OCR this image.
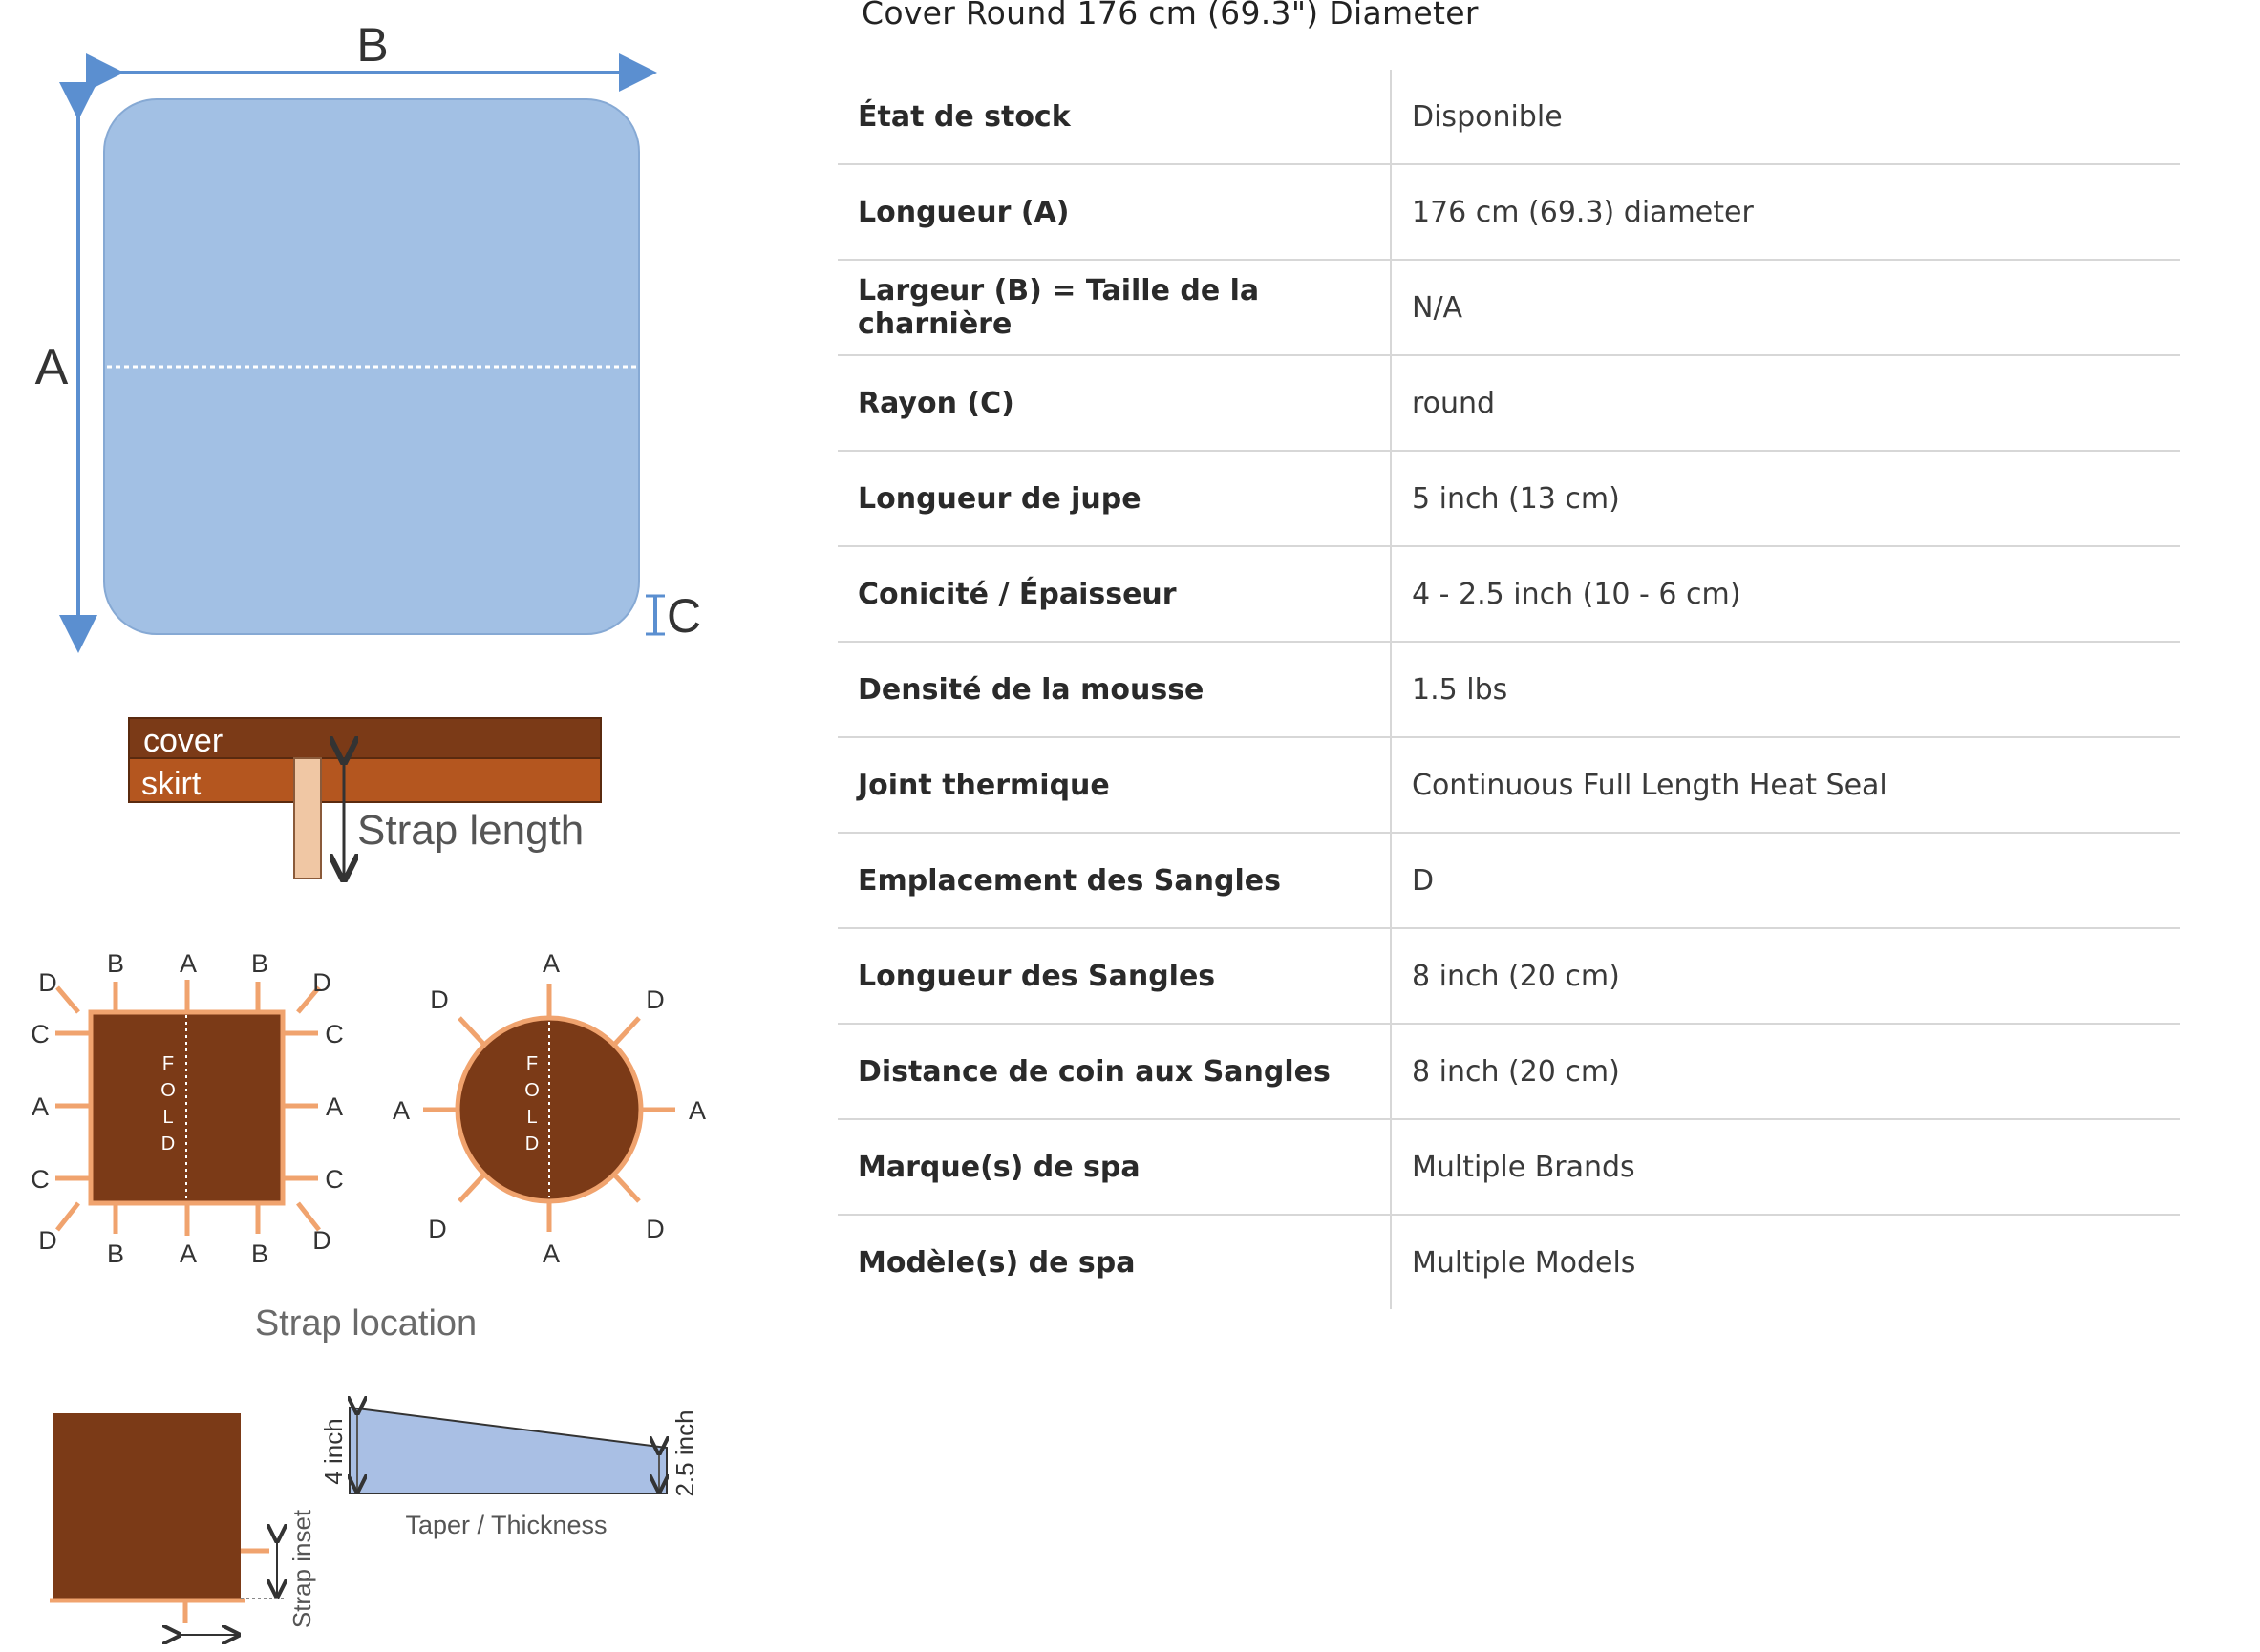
B
A
C
cover
skirt
Strap length
D
B A B
D
C
A
C
C
A
C
D B A B D
F
O
L
D
A
D	D
A	A
D	D
A
F
O
L
D
Strap location
Strap inset
4 inch	2.5 inch
Taper / Thickness
Cover Round 176 cm (69.3") Diameter
État de stock	Disponible
Longueur (A)	176 cm (69.3) diameter
Largeur (B) = Taille de la charnière	N/A
Rayon (C)	round
Longueur de jupe	5 inch (13 cm)
Conicité / Épaisseur	4 - 2.5 inch (10 - 6 cm)
Densité de la mousse	1.5 lbs
Joint thermique	Continuous Full Length Heat Seal
Emplacement des Sangles	D
Longueur des Sangles	8 inch (20 cm)
Distance de coin aux Sangles	8 inch (20 cm)
Marque(s) de spa	Multiple Brands
Modèle(s) de spa	Multiple Models
